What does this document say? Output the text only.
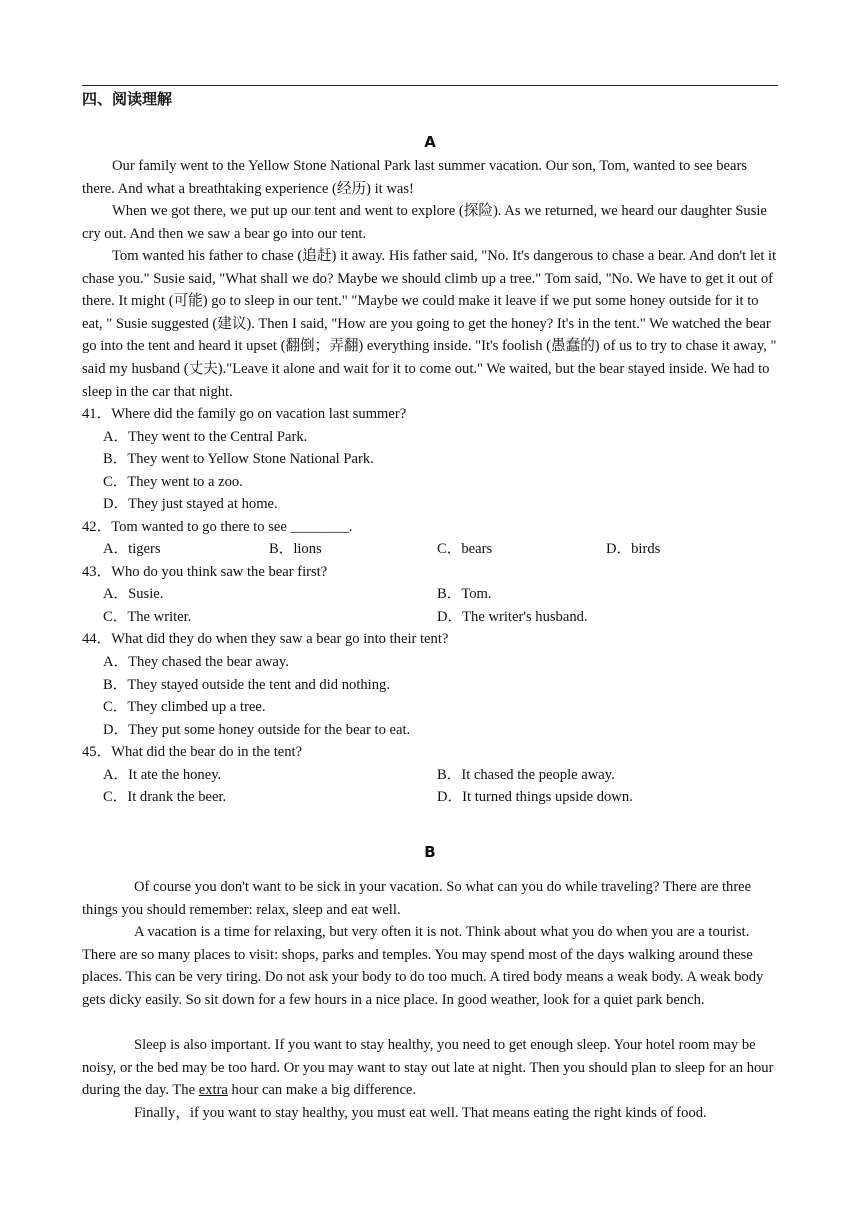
四、阅读理解
A

Our family went to the Yellow Stone National Park last summer vacation. Our son, Tom, wanted to see bears there. And what a breathtaking experience (经历) it was!

When we got there, we put up our tent and went to explore (探险). As we returned, we heard our daughter Susie cry out. And then we saw a bear go into our tent.

Tom wanted his father to chase (追赶) it away. His father said, "No. It's dangerous to chase a bear. And don't let it chase you." Susie said, "What shall we do? Maybe we should climb up a tree." Tom said, "No. We have to get it out of there. It might (可能) go to sleep in our tent." "Maybe we could make it leave if we put some honey outside for it to eat, " Susie suggested (建议). Then I said, "How are you going to get the honey? It's in the tent." We watched the bear go into the tent and heard it upset (翻倒；弄翻) everything inside. "It's foolish (愚蠢的) of us to try to chase it away, " said my husband (丈夫)."Leave it alone and wait for it to come out." We waited, but the bear stayed inside. We had to sleep in the car that night.

41．Where did the family go on vacation last summer?
A．They went to the Central Park.
B．They went to Yellow Stone National Park.
C．They went to a zoo.
D．They just stayed at home.
42．Tom wanted to go there to see ________.
A．tigers	B．lions	C．bears	D．birds
43．Who do you think saw the bear first?
A．Susie.	B．Tom.
C．The writer.	D．The writer's husband.
44．What did they do when they saw a bear go into their tent?
A．They chased the bear away.
B．They stayed outside the tent and did nothing.
C．They climbed up a tree.
D．They put some honey outside for the bear to eat.
45．What did the bear do in the tent?
A．It ate the honey.	B．It chased the people away.
C．It drank the beer.	D．It turned things upside down.
B

Of course you don't want to be sick in your vacation. So what can you do while traveling? There are three things you should remember: relax, sleep and eat well.

A vacation is a time for relaxing, but very often it is not. Think about what you do when you are a tourist. There are so many places to visit: shops, parks and temples. You may spend most of the days walking around these places. This can be very tiring. Do not ask your body to do too much. A tired body means a weak body. A weak body gets dicky easily. So sit down for a few hours in a nice place. In good weather, look for a quiet park bench.

Sleep is also important. If you want to stay healthy, you need to get enough sleep. Your hotel room may be noisy, or the bed may be too hard. Or you may want to stay out late at night. Then you should plan to sleep for an hour during the day. The extra hour can make a big difference.

Finally，if you want to stay healthy, you must eat well. That means eating the right kinds of food.
